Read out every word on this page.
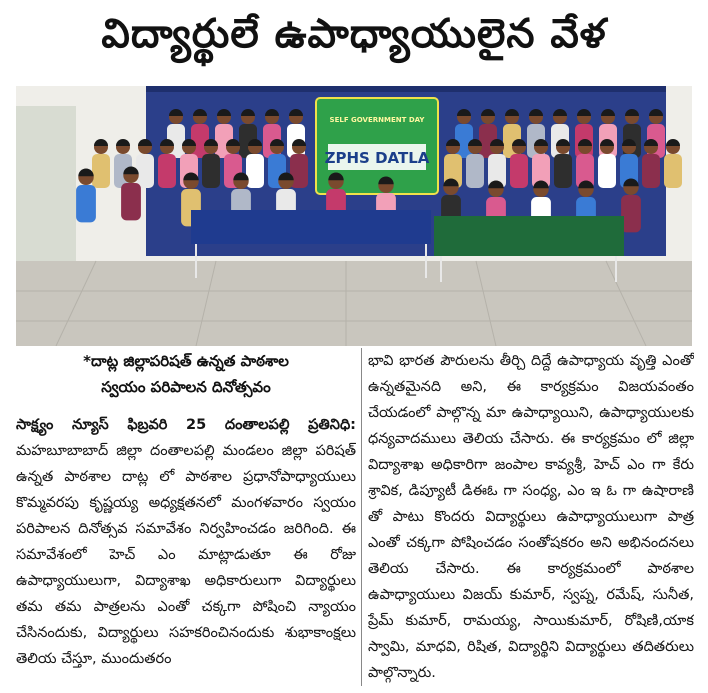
విద్యార్థులే ఉపాధ్యాయులైన వేళ
SELF GOVERNMENT DAY
ZPHS DATLA
*దాట్ల జిల్లాపరిషత్ ఉన్నత పాఠశాల
స్వయం పరిపాలన దినోత్సవం
సాక్ష్యం న్యూస్ ఫిబ్రవరి 25 దంతాలపల్లి ప్రతినిధి: మహబూబాబాద్ జిల్లా దంతాలపల్లి మండలం జిల్లా పరిషత్ ఉన్నత పాఠశాల దాట్ల లో పాఠశాల ప్రధానోపాధ్యాయులు కొమ్మవరపు కృష్ణయ్య అధ్యక్షతనలో మంగళవారం స్వయం పరిపాలన దినోత్సవ సమావేశం నిర్వహించడం జరిగింది. ఈ సమావేశంలో హెచ్ ఎం మాట్లాడుతూ ఈ రోజు ఉపాధ్యాయులుగా, విద్యాశాఖ అధికారులుగా విద్యార్థులు తమ తమ పాత్రలను ఎంతో చక్కగా పోషించి న్యాయం చేసినందుకు, విద్యార్థులు సహకరించినందుకు శుభాకాంక్షలు తెలియ చేస్తూ, ముందుతరం
భావి భారత పౌరులను తీర్చి దిద్దే ఉపాధ్యాయ వృత్తి ఎంతో ఉన్నతమైనది అని, ఈ కార్యక్రమం విజయవంతం చేయడంలో పాల్గొన్న మా ఉపాధ్యాయిని, ఉపాధ్యాయులకు ధన్యవాదములు తెలియ చేసారు. ఈ కార్యక్రమం లో జిల్లా విద్యాశాఖ అధికారిగా జంపాల కావ్యశ్రీ, హెచ్ ఎం గా కేరు శ్రావిక, డిప్యూటీ డిఈఓ గా సంధ్య, ఎం ఇ ఓ గా ఉషారాణి తో పాటు కొందరు విద్యార్థులు ఉపాధ్యాయులుగా పాత్ర ఎంతో చక్కగా పోషించడం సంతోషకరం అని అభినందనలు తెలియ చేసారు. ఈ కార్యక్రమంలో పాఠశాల ఉపాధ్యాయులు విజయ్ కుమార్, స్వప్న, రమేష్, సునీత, ప్రేమ్ కుమార్, రామయ్య, సాయికుమార్, రోషిణి,యాక స్వామి, మాధవి, రిషిత, విద్యార్థిని విద్యార్థులు తదితరులు పాల్గొన్నారు.
